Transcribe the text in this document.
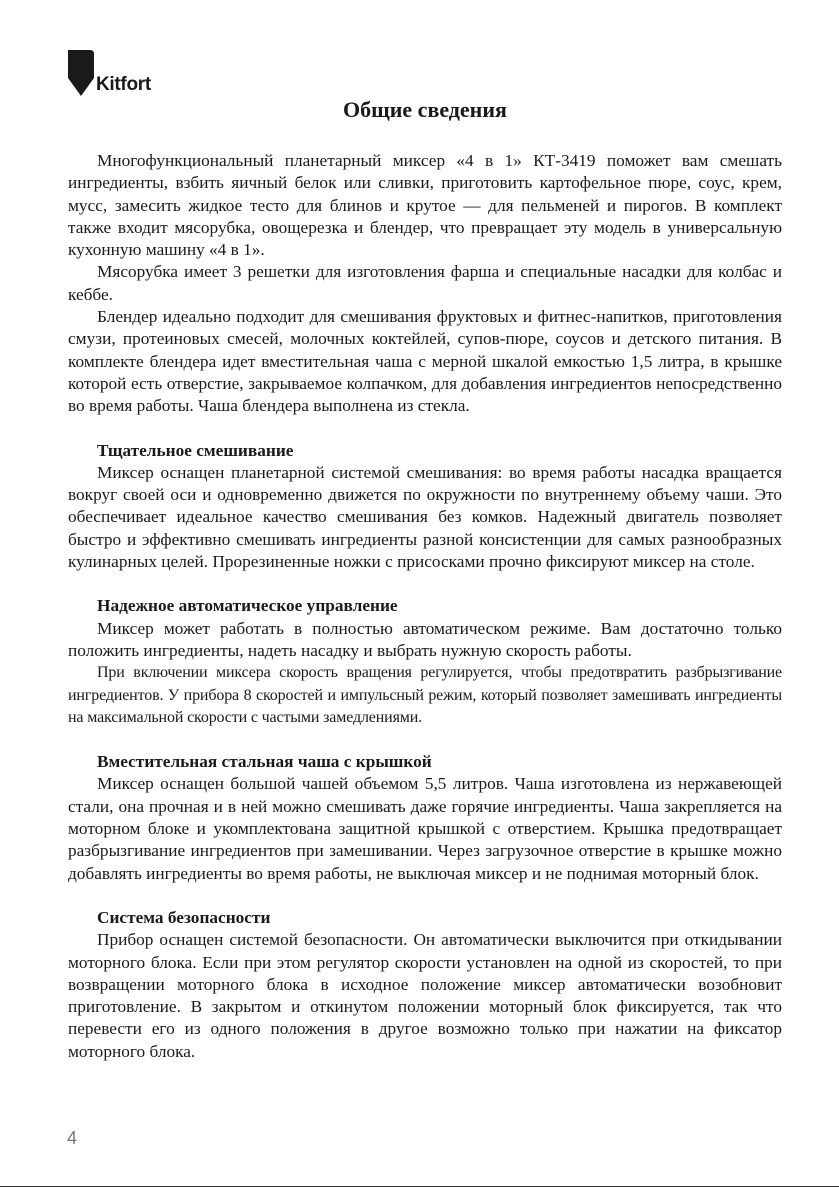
Kitfort
Общие сведения

Многофункциональный планетарный миксер «4 в 1» КТ-3419 поможет вам смешать ингредиенты, взбить яичный белок или сливки, приготовить картофельное пюре, соус, крем, мусс, замесить жидкое тесто для блинов и крутое — для пельменей и пирогов. В комплект также входит мясорубка, овощерезка и блендер, что превращает эту модель в универсальную кухонную машину «4 в 1».

Мясорубка имеет 3 решетки для изготовления фарша и специальные насадки для колбас и кеббе.

Блендер идеально подходит для смешивания фруктовых и фитнес-напитков, приготовления смузи, протеиновых смесей, молочных коктейлей, супов-пюре, соусов и детского питания. В комплекте блендера идет вместительная чаша с мерной шкалой емкостью 1,5 литра, в крышке которой есть отверстие, закрываемое колпачком, для добавления ингредиентов непосредственно во время работы. Чаша блендера выполнена из стекла.

Тщательное смешивание

Миксер оснащен планетарной системой смешивания: во время работы насадка вращается вокруг своей оси и одновременно движется по окружности по внутреннему объему чаши. Это обеспечивает идеальное качество смешивания без комков. Надежный двигатель позволяет быстро и эффективно смешивать ингредиенты разной консистенции для самых разнообразных кулинарных целей. Прорезиненные ножки с присосками прочно фиксируют миксер на столе.

Надежное автоматическое управление

Миксер может работать в полностью автоматическом режиме. Вам достаточно только положить ингредиенты, надеть насадку и выбрать нужную скорость работы.

При включении миксера скорость вращения регулируется, чтобы предотвратить разбрызгивание ингредиентов. У прибора 8 скоростей и импульсный режим, который позволяет замешивать ингредиенты на максимальной скорости с частыми замедлениями.

Вместительная стальная чаша с крышкой

Миксер оснащен большой чашей объемом 5,5 литров. Чаша изготовлена из нержавеющей стали, она прочная и в ней можно смешивать даже горячие ингредиенты. Чаша закрепляется на моторном блоке и укомплектована защитной крышкой с отверстием. Крышка предотвращает разбрызгивание ингредиентов при замешивании. Через загрузочное отверстие в крышке можно добавлять ингредиенты во время работы, не выключая миксер и не поднимая моторный блок.

Система безопасности

Прибор оснащен системой безопасности. Он автоматически выключится при откидывании моторного блока. Если при этом регулятор скорости установлен на одной из скоростей, то при возвращении моторного блока в исходное положение миксер автоматически возобновит приготовление. В закрытом и откинутом положении моторный блок фиксируется, так что перевести его из одного положения в другое возможно только при нажатии на фиксатор моторного блока.

4
